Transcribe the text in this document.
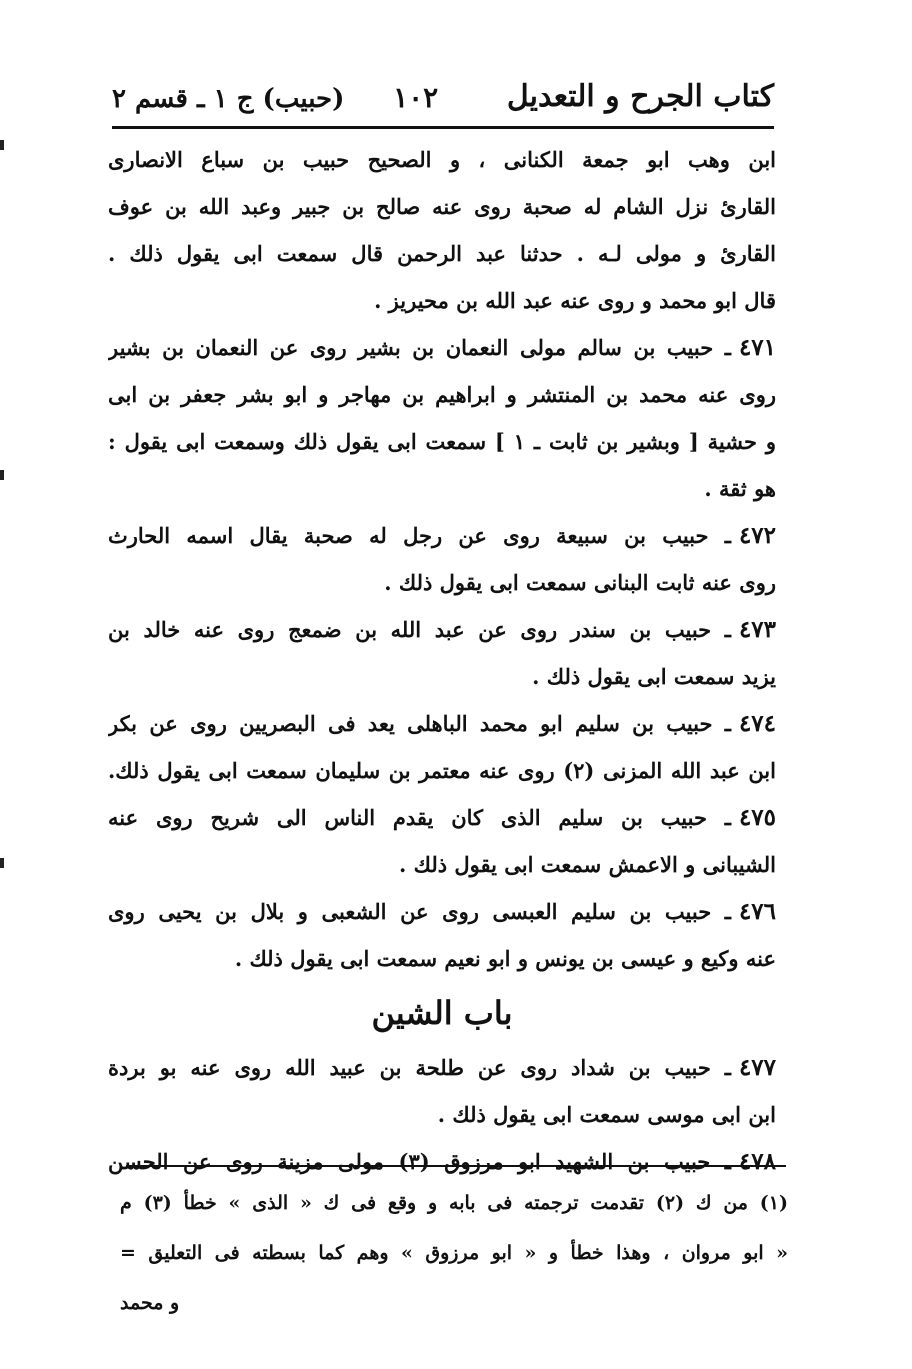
كتاب الجرح و التعديل
١٠٢
(حبيب) ج ١ ـ قسم ٢
ابن وهب ابو جمعة الكنانى ، و الصحيح حبيب بن سباع الانصارى
القارئ نزل الشام له صحبة روى عنه صالح بن جبير وعبد الله بن عوف
القارئ و مولى لـه . حدثنا عبد الرحمن قال سمعت ابى يقول ذلك .
قال ابو محمد و روى عنه عبد الله بن محيريز .
٤٧١ـ حبيب بن سالم مولى النعمان بن بشير روى عن النعمان بن بشير
روى عنه محمد بن المنتشر و ابراهيم بن مهاجر و ابو بشر جعفر بن ابى
و حشية [ وبشير بن ثابت ـ ١ ] سمعت ابى يقول ذلك وسمعت ابى يقول :
هو ثقة .
٤٧٢ـ حبيب بن سبيعة روى عن رجل له صحبة يقال اسمه الحارث
روى عنه ثابت البنانى سمعت ابى يقول ذلك .
٤٧٣ـ حبيب بن سندر روى عن عبد الله بن ضمعج روى عنه خالد بن
يزيد سمعت ابى يقول ذلك .
٤٧٤ـ حبيب بن سليم ابو محمد الباهلى يعد فى البصريين روى عن بكر
ابن عبد الله المزنى (٢) روى عنه معتمر بن سليمان سمعت ابى يقول ذلك.
٤٧٥ـ حبيب بن سليم الذى كان يقدم الناس الى شريح روى عنه
الشيبانى و الاعمش سمعت ابى يقول ذلك .
٤٧٦ـ حبيب بن سليم العبسى روى عن الشعبى و بلال بن يحيى روى
عنه وكيع و عيسى بن يونس و ابو نعيم سمعت ابى يقول ذلك .
باب الشين
٤٧٧ـ حبيب بن شداد روى عن طلحة بن عبيد الله روى عنه بو بردة
ابن ابى موسى سمعت ابى يقول ذلك .
٤٧٨ـ حبيب بن الشهيد ابو مرزوق (٣) مولى مزينة روى عن الحسن
(١) من ك (٢) تقدمت ترجمته فى بابه و وقع فى ك « الذى » خطأ (٣) م
« ابو مروان ، وهذا خطأ و « ابو مرزوق » وهم كما بسطته فى التعليق =
و محمد
